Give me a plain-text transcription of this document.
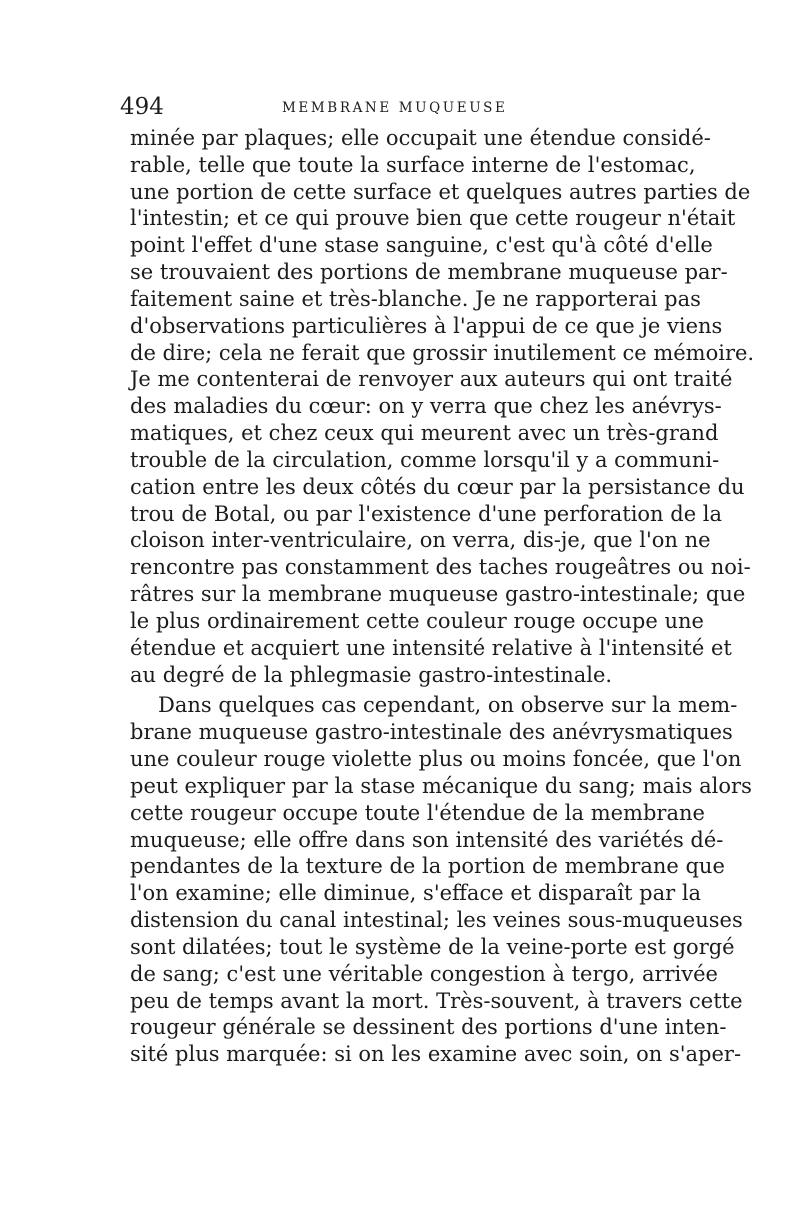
494	MEMBRANE MUQUEUSE
minée par plaques; elle occupait une étendue considé-
rable, telle que toute la surface interne de l'estomac,
une portion de cette surface et quelques autres parties de
l'intestin; et ce qui prouve bien que cette rougeur n'était
point l'effet d'une stase sanguine, c'est qu'à côté d'elle
se trouvaient des portions de membrane muqueuse par-
faitement saine et très-blanche. Je ne rapporterai pas
d'observations particulières à l'appui de ce que je viens
de dire; cela ne ferait que grossir inutilement ce mémoire.
Je me contenterai de renvoyer aux auteurs qui ont traité
des maladies du cœur: on y verra que chez les anévrys-
matiques, et chez ceux qui meurent avec un très-grand
trouble de la circulation, comme lorsqu'il y a communi-
cation entre les deux côtés du cœur par la persistance du
trou de Botal, ou par l'existence d'une perforation de la
cloison inter-ventriculaire, on verra, dis-je, que l'on ne
rencontre pas constamment des taches rougeâtres ou noi-
râtres sur la membrane muqueuse gastro-intestinale; que
le plus ordinairement cette couleur rouge occupe une
étendue et acquiert une intensité relative à l'intensité et
au degré de la phlegmasie gastro-intestinale.
Dans quelques cas cependant, on observe sur la mem-
brane muqueuse gastro-intestinale des anévrysmatiques
une couleur rouge violette plus ou moins foncée, que l'on
peut expliquer par la stase mécanique du sang; mais alors
cette rougeur occupe toute l'étendue de la membrane
muqueuse; elle offre dans son intensité des variétés dé-
pendantes de la texture de la portion de membrane que
l'on examine; elle diminue, s'efface et disparaît par la
distension du canal intestinal; les veines sous-muqueuses
sont dilatées; tout le système de la veine-porte est gorgé
de sang; c'est une véritable congestion à tergo, arrivée
peu de temps avant la mort. Très-souvent, à travers cette
rougeur générale se dessinent des portions d'une inten-
sité plus marquée: si on les examine avec soin, on s'aper-
